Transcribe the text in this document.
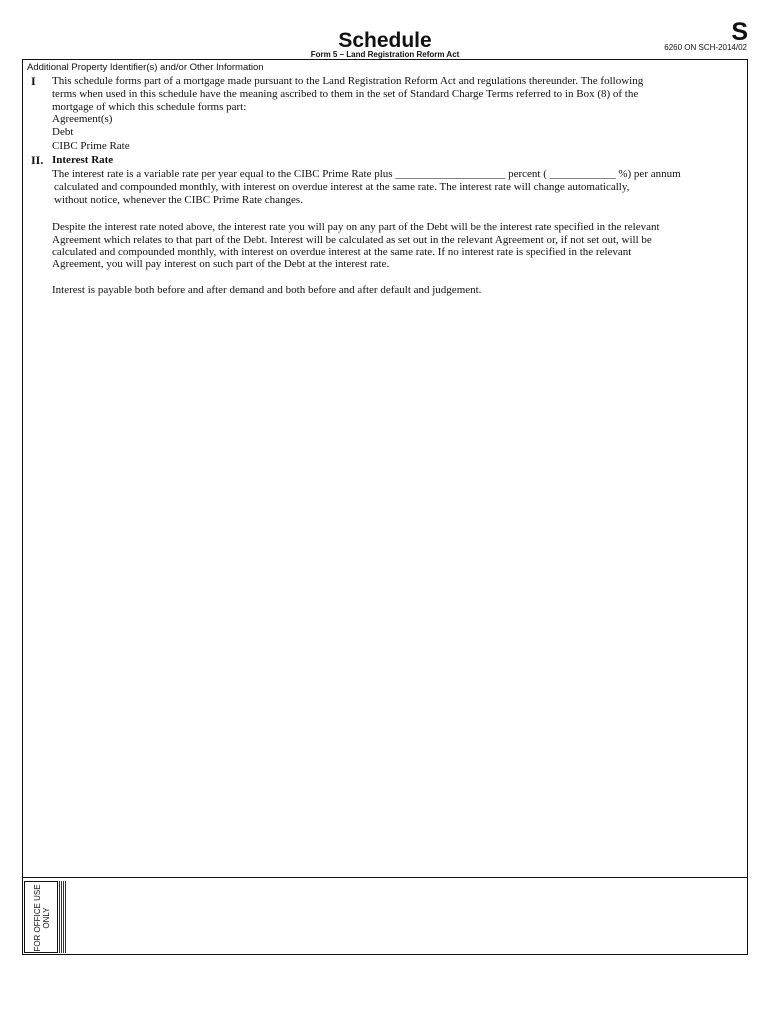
S
Schedule	6260 ON SCH-2014/02
Form 5 – Land Registration Reform Act
Additional Property Identifier(s) and/or Other Information
I This schedule forms part of a mortgage made pursuant to the Land Registration Reform Act and regulations thereunder. The following
terms when used in this schedule have the meaning ascribed to them in the set of Standard Charge Terms referred to in Box (8) of the
mortgage of which this schedule forms part:
Agreement(s)
Debt
CIBC Prime Rate
II. Interest Rate
The interest rate is a variable rate per year equal to the CIBC Prime Rate plus ____________________ percent ( ____________ %) per annum
calculated and compounded monthly, with interest on overdue interest at the same rate. The interest rate will change automatically,
without notice, whenever the CIBC Prime Rate changes.
Despite the interest rate noted above, the interest rate you will pay on any part of the Debt will be the interest rate specified in the relevant
Agreement which relates to that part of the Debt. Interest will be calculated as set out in the relevant Agreement or, if not set out, will be
calculated and compounded monthly, with interest on overdue interest at the same rate. If no interest rate is specified in the relevant
Agreement, you will pay interest on such part of the Debt at the interest rate.
Interest is payable both before and after demand and both before and after default and judgement.
FOR OFFICE USE ONLY
